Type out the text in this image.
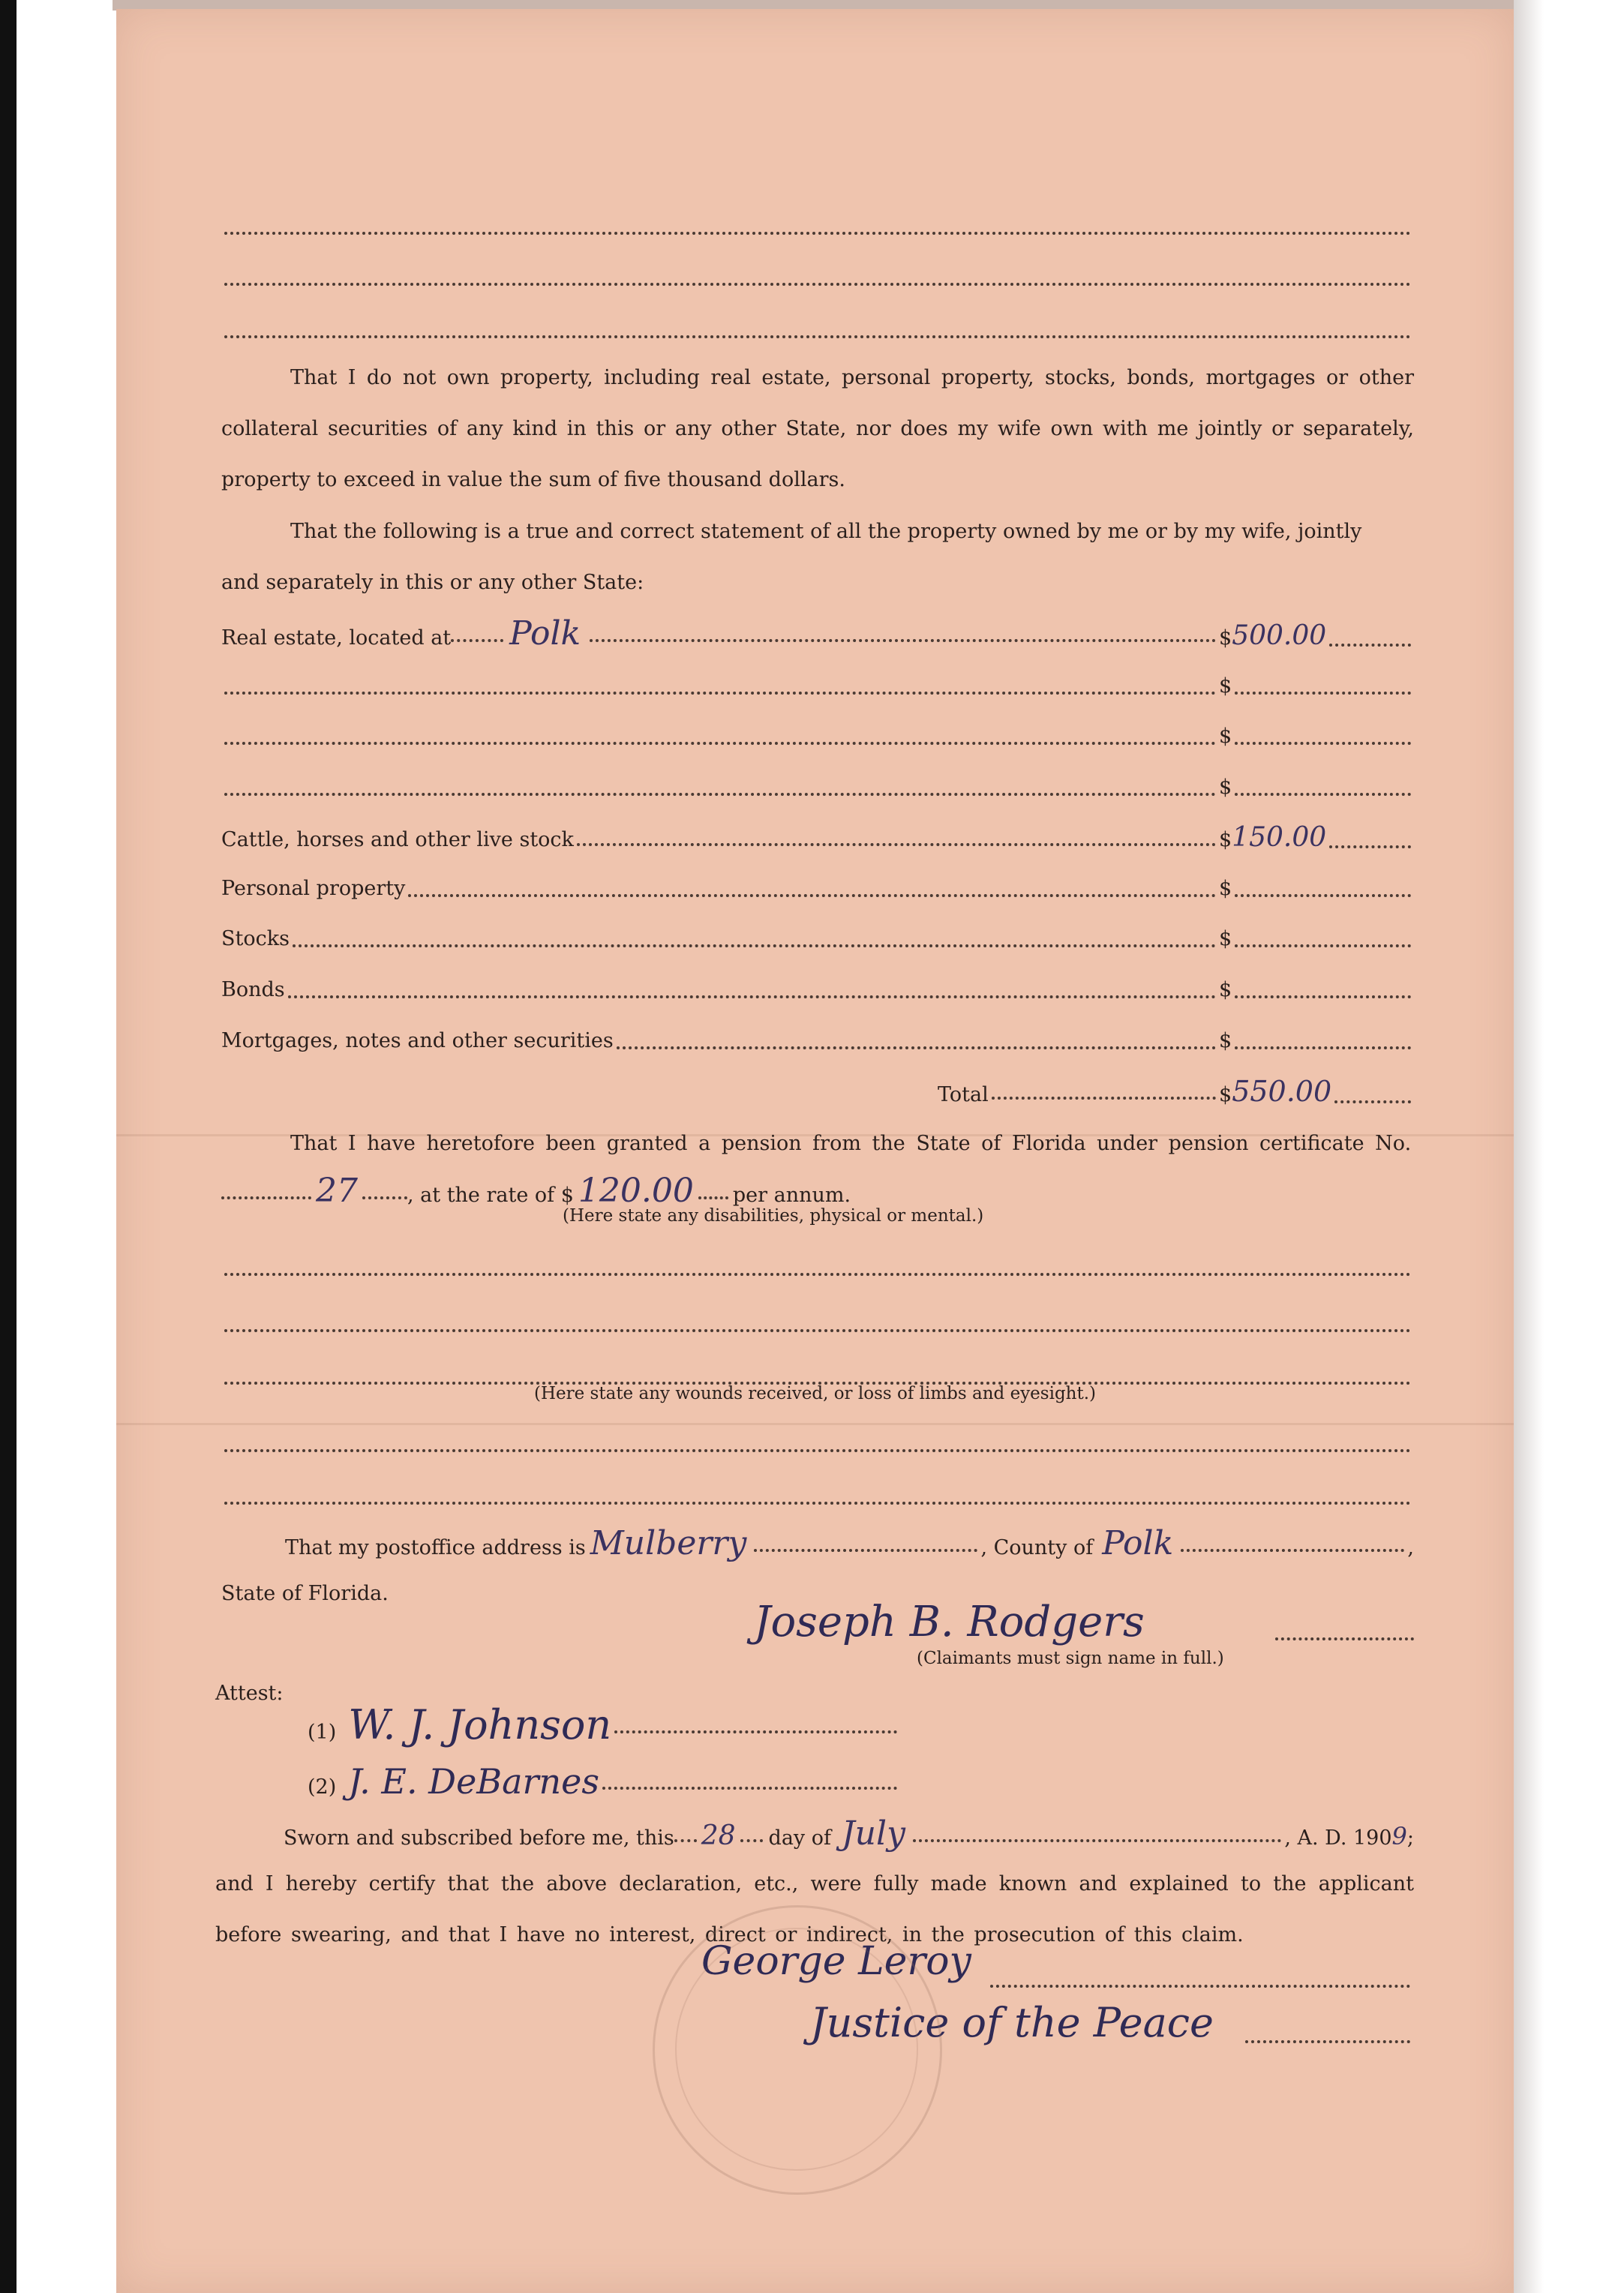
That I do not own property, including real estate, personal property, stocks, bonds, mortgages or other collateral securities of any kind in this or any other State, nor does my wife own with me jointly or separately, property to exceed in value the sum of five thousand dollars.

That the following is a true and correct statement of all the property owned by me or by my wife, jointly

and separately in this or any other State:

Real estate, located at Polk	$ 500.00
$
$
$
Cattle, horses and other live stock	$ 150.00
Personal property	$
Stocks	$
Bonds	$
Mortgages, notes and other securities	$
Total	$ 550.00
That I have heretofore been granted a pension from the State of Florida under pension certificate No.
27 , at the rate of $ 120.00 per annum.
(Here state any disabilities, physical or mental.)
(Here state any wounds received, or loss of limbs and eyesight.)
That my postoffice address is Mulberry	, County of Polk	,
State of Florida.
Joseph B. Rodgers
(Claimants must sign name in full.)
Attest:
(1) W. J. Johnson
(2) J. E. DeBarnes
Sworn and subscribed before me, this 28 day of July	, A. D. 190 9 ;

and I hereby certify that the above declaration, etc., were fully made known and explained to the applicant before swearing, and that I have no interest, direct or indirect, in the prosecution of this claim.

George Leroy
Justice of the Peace
